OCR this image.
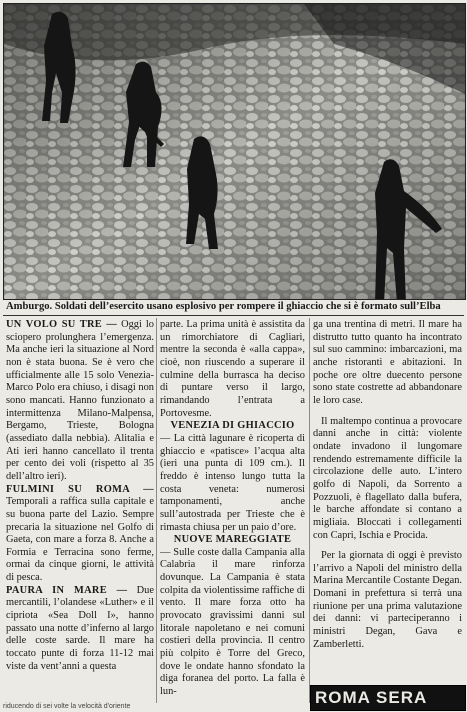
Amburgo. Soldati dell’esercito usano esplosivo per rompere il ghiaccio che si è formato sull’Elba

UN VOLO SU TRE — Oggi lo sciopero prolunghera l’emergenza. Ma anche ieri la situazione al Nord non è stata buona. Se è vero che ufficialmente alle 15 solo Venezia-Marco Polo era chiuso, i disagi non sono mancati. Hanno funzionato a intermittenza Milano-Malpensa, Bergamo, Trieste, Bologna (assediato dalla nebbia). Alitalia e Ati ieri hanno cancellato il trenta per cento dei voli (rispetto al 35 dell’altro ieri).

FULMINI SU ROMA — Temporali a raffica sulla capitale e su buona parte del Lazio. Sempre precaria la situazione nel Golfo di Gaeta, con mare a forza 8. Anche a Formia e Terracina sono ferme, ormai da cinque giorni, le attività di pesca.

PAURA IN MARE — Due mercantili, l’olandese «Luther» e il cipriota «Sea Doll I», hanno passato una notte d’inferno al largo delle coste sarde. Il mare ha toccato punte di forza 11-12 mai viste da vent’anni a questa

parte. La prima unità è assistita da un rimorchiatore di Cagliari, mentre la seconda è «alla cappa», cioè, non riuscendo a superare il culmine della burrasca ha deciso di puntare verso il largo, rimandando l’entrata a Portovesme.

VENEZIA DI GHIACCIO

— La città lagunare è ricoperta di ghiaccio e «patisce» l’acqua alta (ieri una punta di 109 cm.). Il freddo è intenso lungo tutta la costa veneta: numerosi tamponamenti, anche sull’autostrada per Trieste che è rimasta chiusa per un paio d’ore.

NUOVE MAREGGIATE

— Sulle coste dalla Campania alla Calabria il mare rinforza dovunque. La Campania è stata colpita da violentissime raffiche di vento. Il mare forza otto ha provocato gravissimi danni sul litorale napoletano e nei comuni costieri della provincia. Il centro più colpito è Torre del Greco, dove le ondate hanno sfondato la diga foranea del porto. La falla è lun-

ga una trentina di metri. Il mare ha distrutto tutto quanto ha incontrato sul suo cammino: imbarcazioni, ma anche ristoranti e abitazioni. In poche ore oltre duecento persone sono state costrette ad abbandonare le loro case.

Il maltempo continua a provocare danni anche in città: violente ondate invadono il lungomare rendendo estremamente difficile la circolazione delle auto. L’intero golfo di Napoli, da Sorrento a Pozzuoli, è flagellato dalla bufera, le barche affondate si contano a migliaia. Bloccati i collegamenti con Capri, Ischia e Procida.

Per la giornata di oggi è previsto l’arrivo a Napoli del ministro della Marina Mercantile Costante Degan. Domani in prefettura si terrà una riunione per una prima valutazione dei danni: vi parteciperanno i ministri Degan, Gava e Zamberletti.

riducendo di sei volte la velocità d'oriente	ROMA SERA
